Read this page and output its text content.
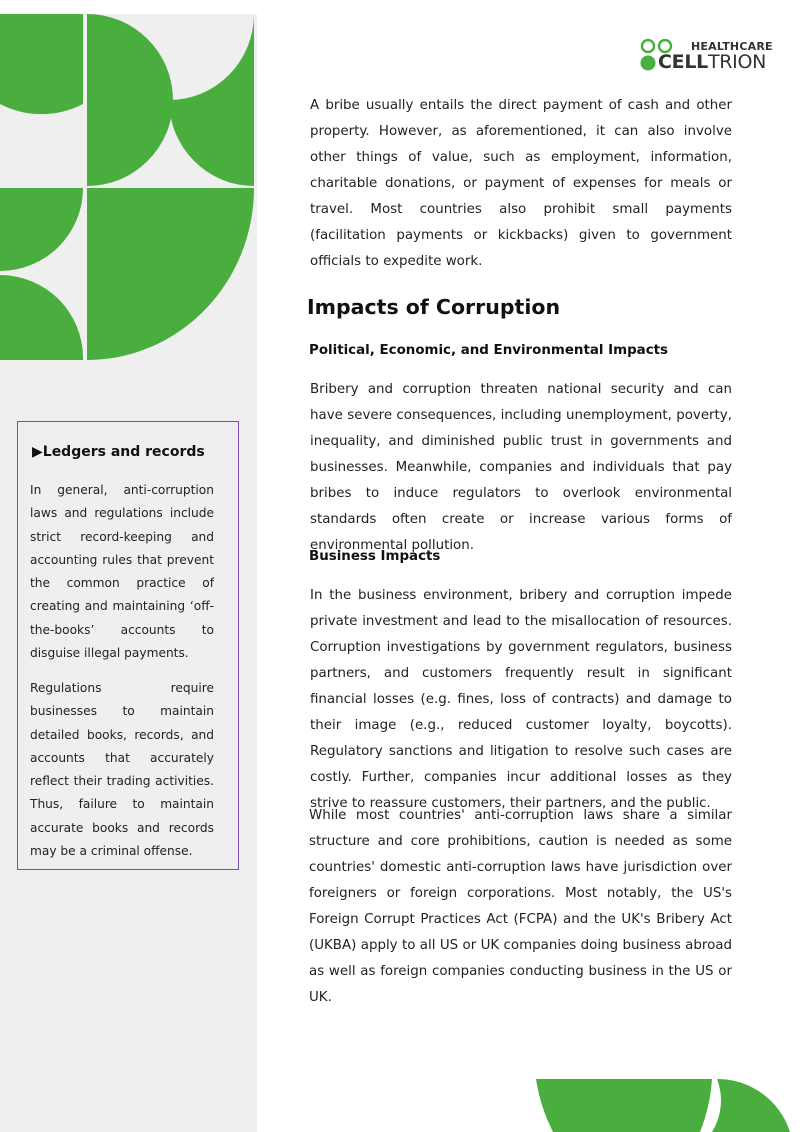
HEALTHCARE
CELLTRION
▶Ledgers and records

In general, anti-corruption laws and regulations include strict record-keeping and accounting rules that prevent the common practice of creating and maintaining ‘off-the-books’ accounts to disguise illegal payments.

Regulations require businesses to maintain detailed books, records, and accounts that accurately reflect their trading activities. Thus, failure to maintain accurate books and records may be a criminal offense.

A bribe usually entails the direct payment of cash and other property. However, as aforementioned, it can also involve other things of value, such as employment, information, charitable donations, or payment of expenses for meals or travel. Most countries also prohibit small payments (facilitation payments or kickbacks) given to government officials to expedite work.

Impacts of Corruption
Political, Economic, and Environmental Impacts

Bribery and corruption threaten national security and can have severe consequences, including unemployment, poverty, inequality, and diminished public trust in governments and businesses. Meanwhile, companies and individuals that pay bribes to induce regulators to overlook environmental standards often create or increase various forms of environmental pollution.

Business Impacts

In the business environment, bribery and corruption impede private investment and lead to the misallocation of resources. Corruption investigations by government regulators, business partners, and customers frequently result in significant financial losses (e.g. fines, loss of contracts) and damage to their image (e.g., reduced customer loyalty, boycotts). Regulatory sanctions and litigation to resolve such cases are costly. Further, companies incur additional losses as they strive to reassure customers, their partners, and the public.

While most countries' anti-corruption laws share a similar structure and core prohibitions, caution is needed as some countries' domestic anti-corruption laws have jurisdiction over foreigners or foreign corporations. Most notably, the US's Foreign Corrupt Practices Act (FCPA) and the UK's Bribery Act (UKBA) apply to all US or UK companies doing business abroad as well as foreign companies conducting business in the US or UK.
